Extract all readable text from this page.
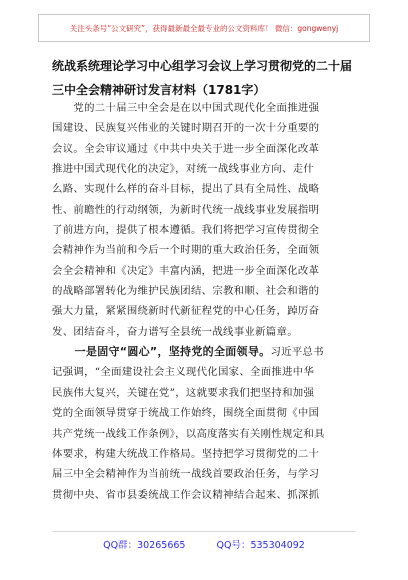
关注头条号“公文研究”，获得最新最全最专业的公文资料库！ 微信：gongwenyj
统战系统理论学习中心组学习会议上学习贯彻党的二十届
三中全会精神研讨发言材料（1781字）
　　党的二十届三中全会是在以中国式现代化全面推进强
国建设、民族复兴伟业的关键时期召开的一次十分重要的
会议。全会审议通过《中共中央关于进一步全面深化改革
推进中国式现代化的决定》，对统一战线事业方向、走什
么路、实现什么样的奋斗目标，提出了具有全局性、战略
性、前瞻性的行动纲领，为新时代统一战线事业发展指明
了前进方向，提供了根本遵循。我们将把学习宣传贯彻全
会精神作为当前和今后一个时期的重大政治任务，全面领
会全会精神和《决定》丰富内涵，把进一步全面深化改革
的战略部署转化为维护民族团结、宗教和顺、社会和谐的
强大力量，紧紧围绕新时代新征程党的中心任务，踔厉奋
发、团结奋斗，奋力谱写全县统一战线事业新篇章。
　　一是固守“圆心”，坚持党的全面领导。习近平总书
记强调，“全面建设社会主义现代化国家、全面推进中华
民族伟大复兴，关键在党”，这就要求我们把坚持和加强
党的全面领导贯穿于统战工作始终，围绕全面贯彻《中国
共产党统一战线工作条例》，以高度落实有关刚性规定和具
体要求，构建大统战工作格局。坚持把学习贯彻党的二十
届三中全会精神作为当前统一战线首要政治任务，与学习
贯彻中央、省市县委统战工作会议精神结合起来、抓深抓
QQ群：30265665	QQ号：535304092
